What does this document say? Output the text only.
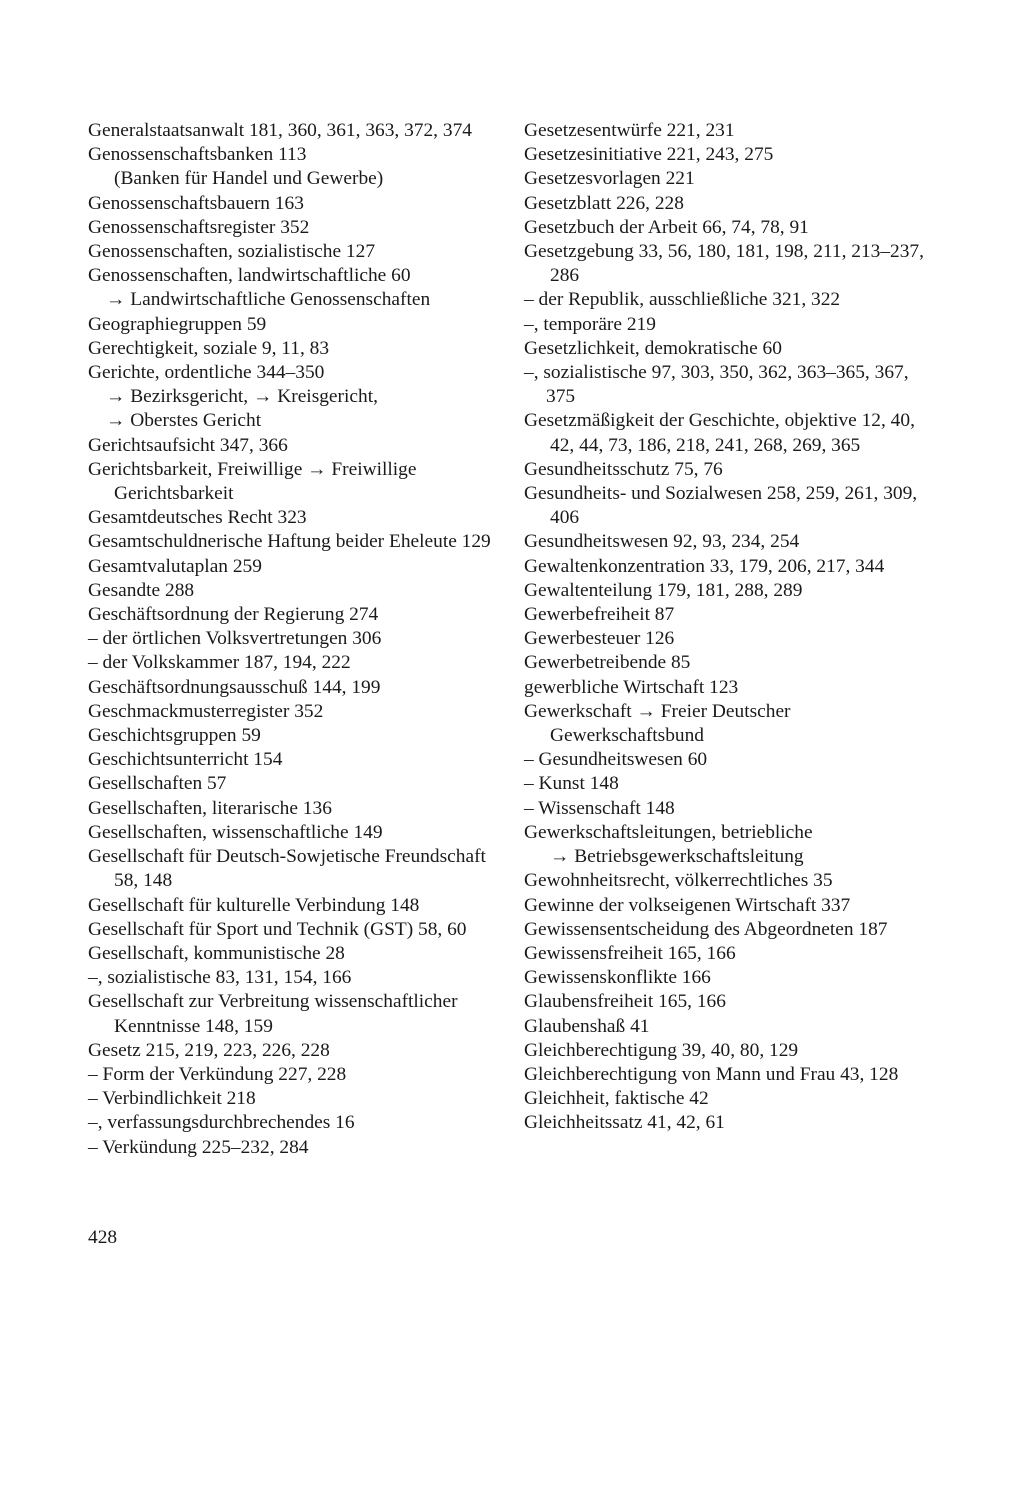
Generalstaatsanwalt 181, 360, 361, 363, 372, 374

Genossenschaftsbanken 113

(Banken für Handel und Gewerbe)

Genossenschaftsbauern 163

Genossenschaftsregister 352

Genossenschaften, sozialistische 127

Genossenschaften, landwirtschaftliche 60

→ Landwirtschaftliche Genossenschaften

Geographiegruppen 59

Gerechtigkeit, soziale 9, 11, 83

Gerichte, ordentliche 344–350

→ Bezirksgericht, → Kreisgericht,

→ Oberstes Gericht

Gerichtsaufsicht 347, 366

Gerichtsbarkeit, Freiwillige → Freiwillige Gerichtsbarkeit

Gesamtdeutsches Recht 323

Gesamtschuldnerische Haftung beider Eheleute 129

Gesamtvalutaplan 259

Gesandte 288

Geschäftsordnung der Regierung 274

– der örtlichen Volksvertretungen 306

– der Volkskammer 187, 194, 222

Geschäftsordnungsausschuß 144, 199

Geschmackmusterregister 352

Geschichtsgruppen 59

Geschichtsunterricht 154

Gesellschaften 57

Gesellschaften, literarische 136

Gesellschaften, wissenschaftliche 149

Gesellschaft für Deutsch-Sowjetische Freundschaft 58, 148

Gesellschaft für kulturelle Verbindung 148

Gesellschaft für Sport und Technik (GST) 58, 60

Gesellschaft, kommunistische 28

–, sozialistische 83, 131, 154, 166

Gesellschaft zur Verbreitung wissenschaftlicher Kenntnisse 148, 159

Gesetz 215, 219, 223, 226, 228

– Form der Verkündung 227, 228

– Verbindlichkeit 218

–, verfassungsdurchbrechendes 16

– Verkündung 225–232, 284

Gesetzesentwürfe 221, 231

Gesetzesinitiative 221, 243, 275

Gesetzesvorlagen 221

Gesetzblatt 226, 228

Gesetzbuch der Arbeit 66, 74, 78, 91

Gesetzgebung 33, 56, 180, 181, 198, 211, 213–237, 286

– der Republik, ausschließliche 321, 322

–, temporäre 219

Gesetzlichkeit, demokratische 60

–, sozialistische 97, 303, 350, 362, 363–365, 367, 375

Gesetzmäßigkeit der Geschichte, objektive 12, 40, 42, 44, 73, 186, 218, 241, 268, 269, 365

Gesundheitsschutz 75, 76

Gesundheits- und Sozialwesen 258, 259, 261, 309, 406

Gesundheitswesen 92, 93, 234, 254

Gewaltenkonzentration 33, 179, 206, 217, 344

Gewaltenteilung 179, 181, 288, 289

Gewerbefreiheit 87

Gewerbesteuer 126

Gewerbetreibende 85

gewerbliche Wirtschaft 123

Gewerkschaft → Freier Deutscher Gewerkschaftsbund

– Gesundheitswesen 60

– Kunst 148

– Wissenschaft 148

Gewerkschaftsleitungen, betriebliche

→ Betriebsgewerkschaftsleitung

Gewohnheitsrecht, völkerrechtliches 35

Gewinne der volkseigenen Wirtschaft 337

Gewissensentscheidung des Abgeordneten 187

Gewissensfreiheit 165, 166

Gewissenskonflikte 166

Glaubensfreiheit 165, 166

Glaubenshaß 41

Gleichberechtigung 39, 40, 80, 129

Gleichberechtigung von Mann und Frau 43, 128

Gleichheit, faktische 42

Gleichheitssatz 41, 42, 61

428
